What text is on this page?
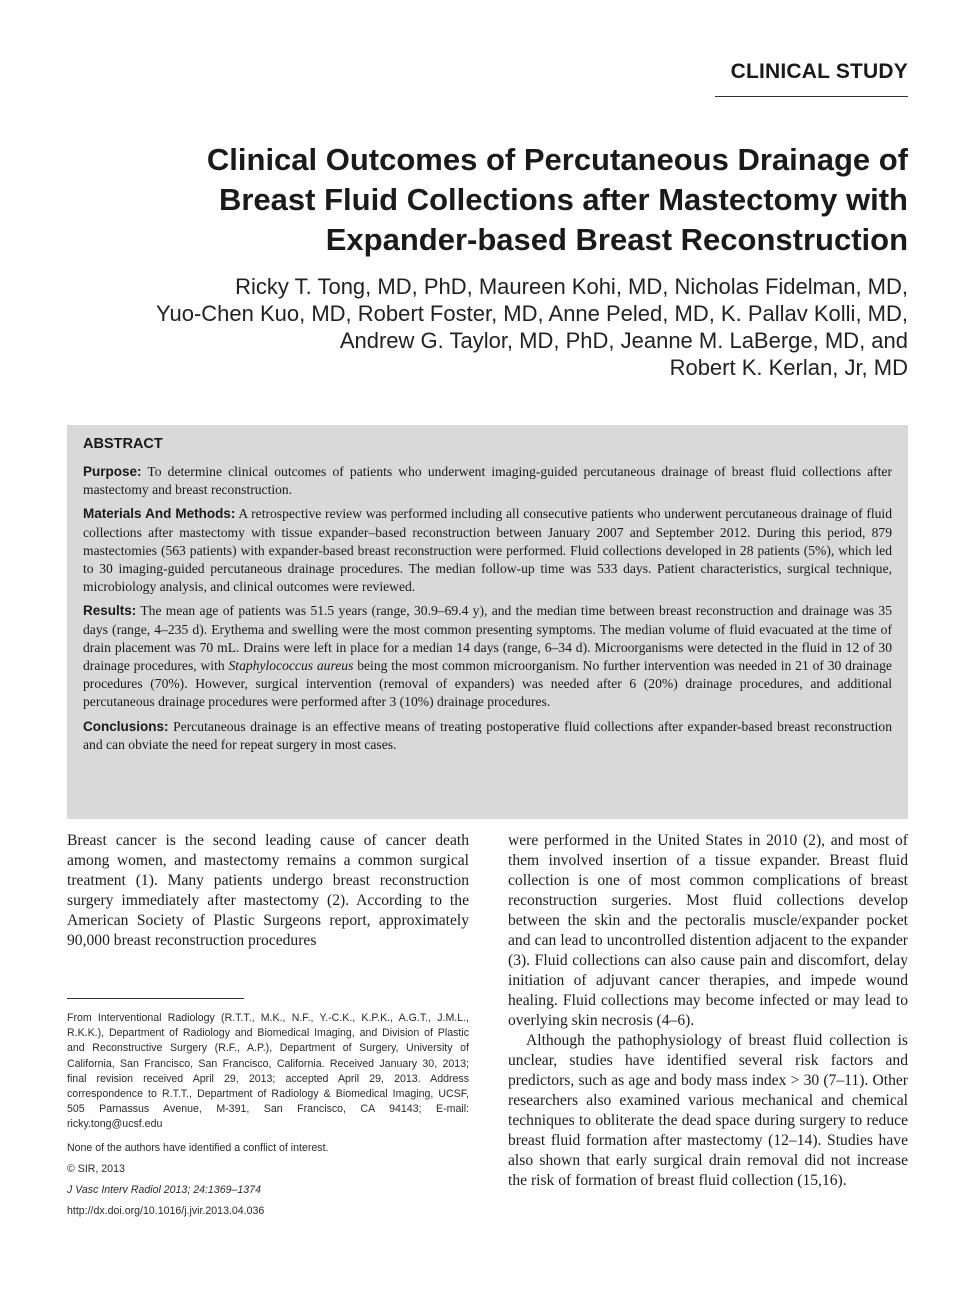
CLINICAL STUDY
Clinical Outcomes of Percutaneous Drainage of
Breast Fluid Collections after Mastectomy with
Expander-based Breast Reconstruction
Ricky T. Tong, MD, PhD, Maureen Kohi, MD, Nicholas Fidelman, MD,
Yuo-Chen Kuo, MD, Robert Foster, MD, Anne Peled, MD, K. Pallav Kolli, MD,
Andrew G. Taylor, MD, PhD, Jeanne M. LaBerge, MD, and
Robert K. Kerlan, Jr, MD
ABSTRACT

Purpose: To determine clinical outcomes of patients who underwent imaging-guided percutaneous drainage of breast fluid collections after mastectomy and breast reconstruction.

Materials And Methods: A retrospective review was performed including all consecutive patients who underwent percutaneous drainage of fluid collections after mastectomy with tissue expander–based reconstruction between January 2007 and September 2012. During this period, 879 mastectomies (563 patients) with expander-based breast reconstruction were performed. Fluid collections developed in 28 patients (5%), which led to 30 imaging-guided percutaneous drainage procedures. The median follow-up time was 533 days. Patient characteristics, surgical technique, microbiology analysis, and clinical outcomes were reviewed.

Results: The mean age of patients was 51.5 years (range, 30.9–69.4 y), and the median time between breast reconstruction and drainage was 35 days (range, 4–235 d). Erythema and swelling were the most common presenting symptoms. The median volume of fluid evacuated at the time of drain placement was 70 mL. Drains were left in place for a median 14 days (range, 6–34 d). Microorganisms were detected in the fluid in 12 of 30 drainage procedures, with Staphylococcus aureus being the most common microorganism. No further intervention was needed in 21 of 30 drainage procedures (70%). However, surgical intervention (removal of expanders) was needed after 6 (20%) drainage procedures, and additional percutaneous drainage procedures were performed after 3 (10%) drainage procedures.

Conclusions: Percutaneous drainage is an effective means of treating postoperative fluid collections after expander-based breast reconstruction and can obviate the need for repeat surgery in most cases.

Breast cancer is the second leading cause of cancer death among women, and mastectomy remains a common surgical treatment (1). Many patients undergo breast reconstruction surgery immediately after mastectomy (2). According to the American Society of Plastic Surgeons report, approximately 90,000 breast reconstruction procedures

were performed in the United States in 2010 (2), and most of them involved insertion of a tissue expander. Breast fluid collection is one of most common complications of breast reconstruction surgeries. Most fluid collections develop between the skin and the pectoralis muscle/expander pocket and can lead to uncontrolled distention adjacent to the expander (3). Fluid collections can also cause pain and discomfort, delay initiation of adjuvant cancer therapies, and impede wound healing. Fluid collections may become infected or may lead to overlying skin necrosis (4–6).

Although the pathophysiology of breast fluid collection is unclear, studies have identified several risk factors and predictors, such as age and body mass index > 30 (7–11). Other researchers also examined various mechanical and chemical techniques to obliterate the dead space during surgery to reduce breast fluid formation after mastectomy (12–14). Studies have also shown that early surgical drain removal did not increase the risk of formation of breast fluid collection (15,16).

From Interventional Radiology (R.T.T., M.K., N.F., Y.-C.K., K.P.K., A.G.T., J.M.L., R.K.K.), Department of Radiology and Biomedical Imaging, and Division of Plastic and Reconstructive Surgery (R.F., A.P.), Department of Surgery, University of California, San Francisco, San Francisco, California. Received January 30, 2013; final revision received April 29, 2013; accepted April 29, 2013. Address correspondence to R.T.T., Department of Radiology & Biomedical Imaging, UCSF, 505 Parnassus Avenue, M-391, San Francisco, CA 94143; E-mail: ricky.tong@ucsf.edu

None of the authors have identified a conflict of interest.

© SIR, 2013

J Vasc Interv Radiol 2013; 24:1369–1374

http://dx.doi.org/10.1016/j.jvir.2013.04.036
